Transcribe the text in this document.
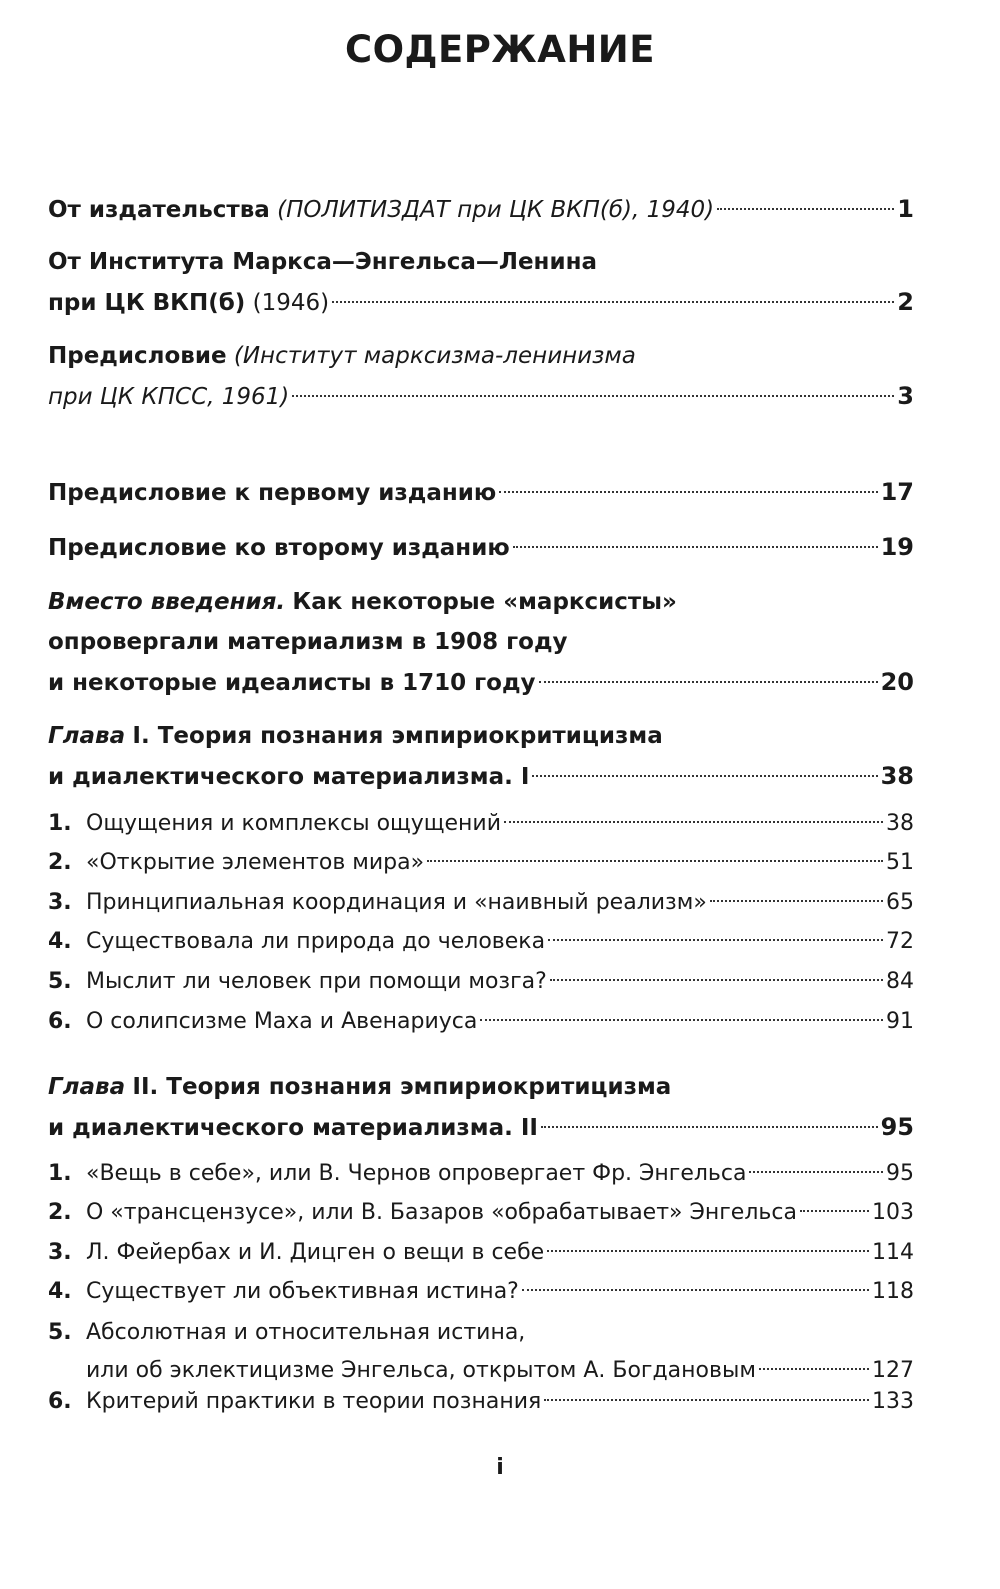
СОДЕРЖАНИЕ
От издательства (ПОЛИТИЗДАТ при ЦК ВКП(б), 1940)	1
От Института Маркса—Энгельса—Ленина
при ЦК ВКП(б) (1946)	2
Предисловие (Институт марксизма-ленинизма
при ЦК КПСС, 1961)	3
Предисловие к первому изданию	17
Предисловие ко второму изданию	19
Вместо введения. Как некоторые «марксисты»
опровергали материализм в 1908 году
и некоторые идеалисты в 1710 году	20
Глава I. Теория познания эмпириокритицизма
и диалектического материализма. I	38
1. Ощущения и комплексы ощущений	38
2. «Открытие элементов мира»	51
3. Принципиальная координация и «наивный реализм»	65
4. Существовала ли природа до человека	72
5. Мыслит ли человек при помощи мозга?	84
6. О солипсизме Маха и Авенариуса	91
Глава II. Теория познания эмпириокритицизма
и диалектического материализма. II	95
1. «Вещь в себе», или В. Чернов опровергает Фр. Энгельса	95
2. О «трансцензусе», или В. Базаров «обрабатывает» Энгельса	103
3. Л. Фейербах и И. Дицген о вещи в себе	114
4. Существует ли объективная истина?	118
5. Абсолютная и относительная истина,
или об эклектицизме Энгельса, открытом А. Богдановым	127
6. Критерий практики в теории познания	133
i
